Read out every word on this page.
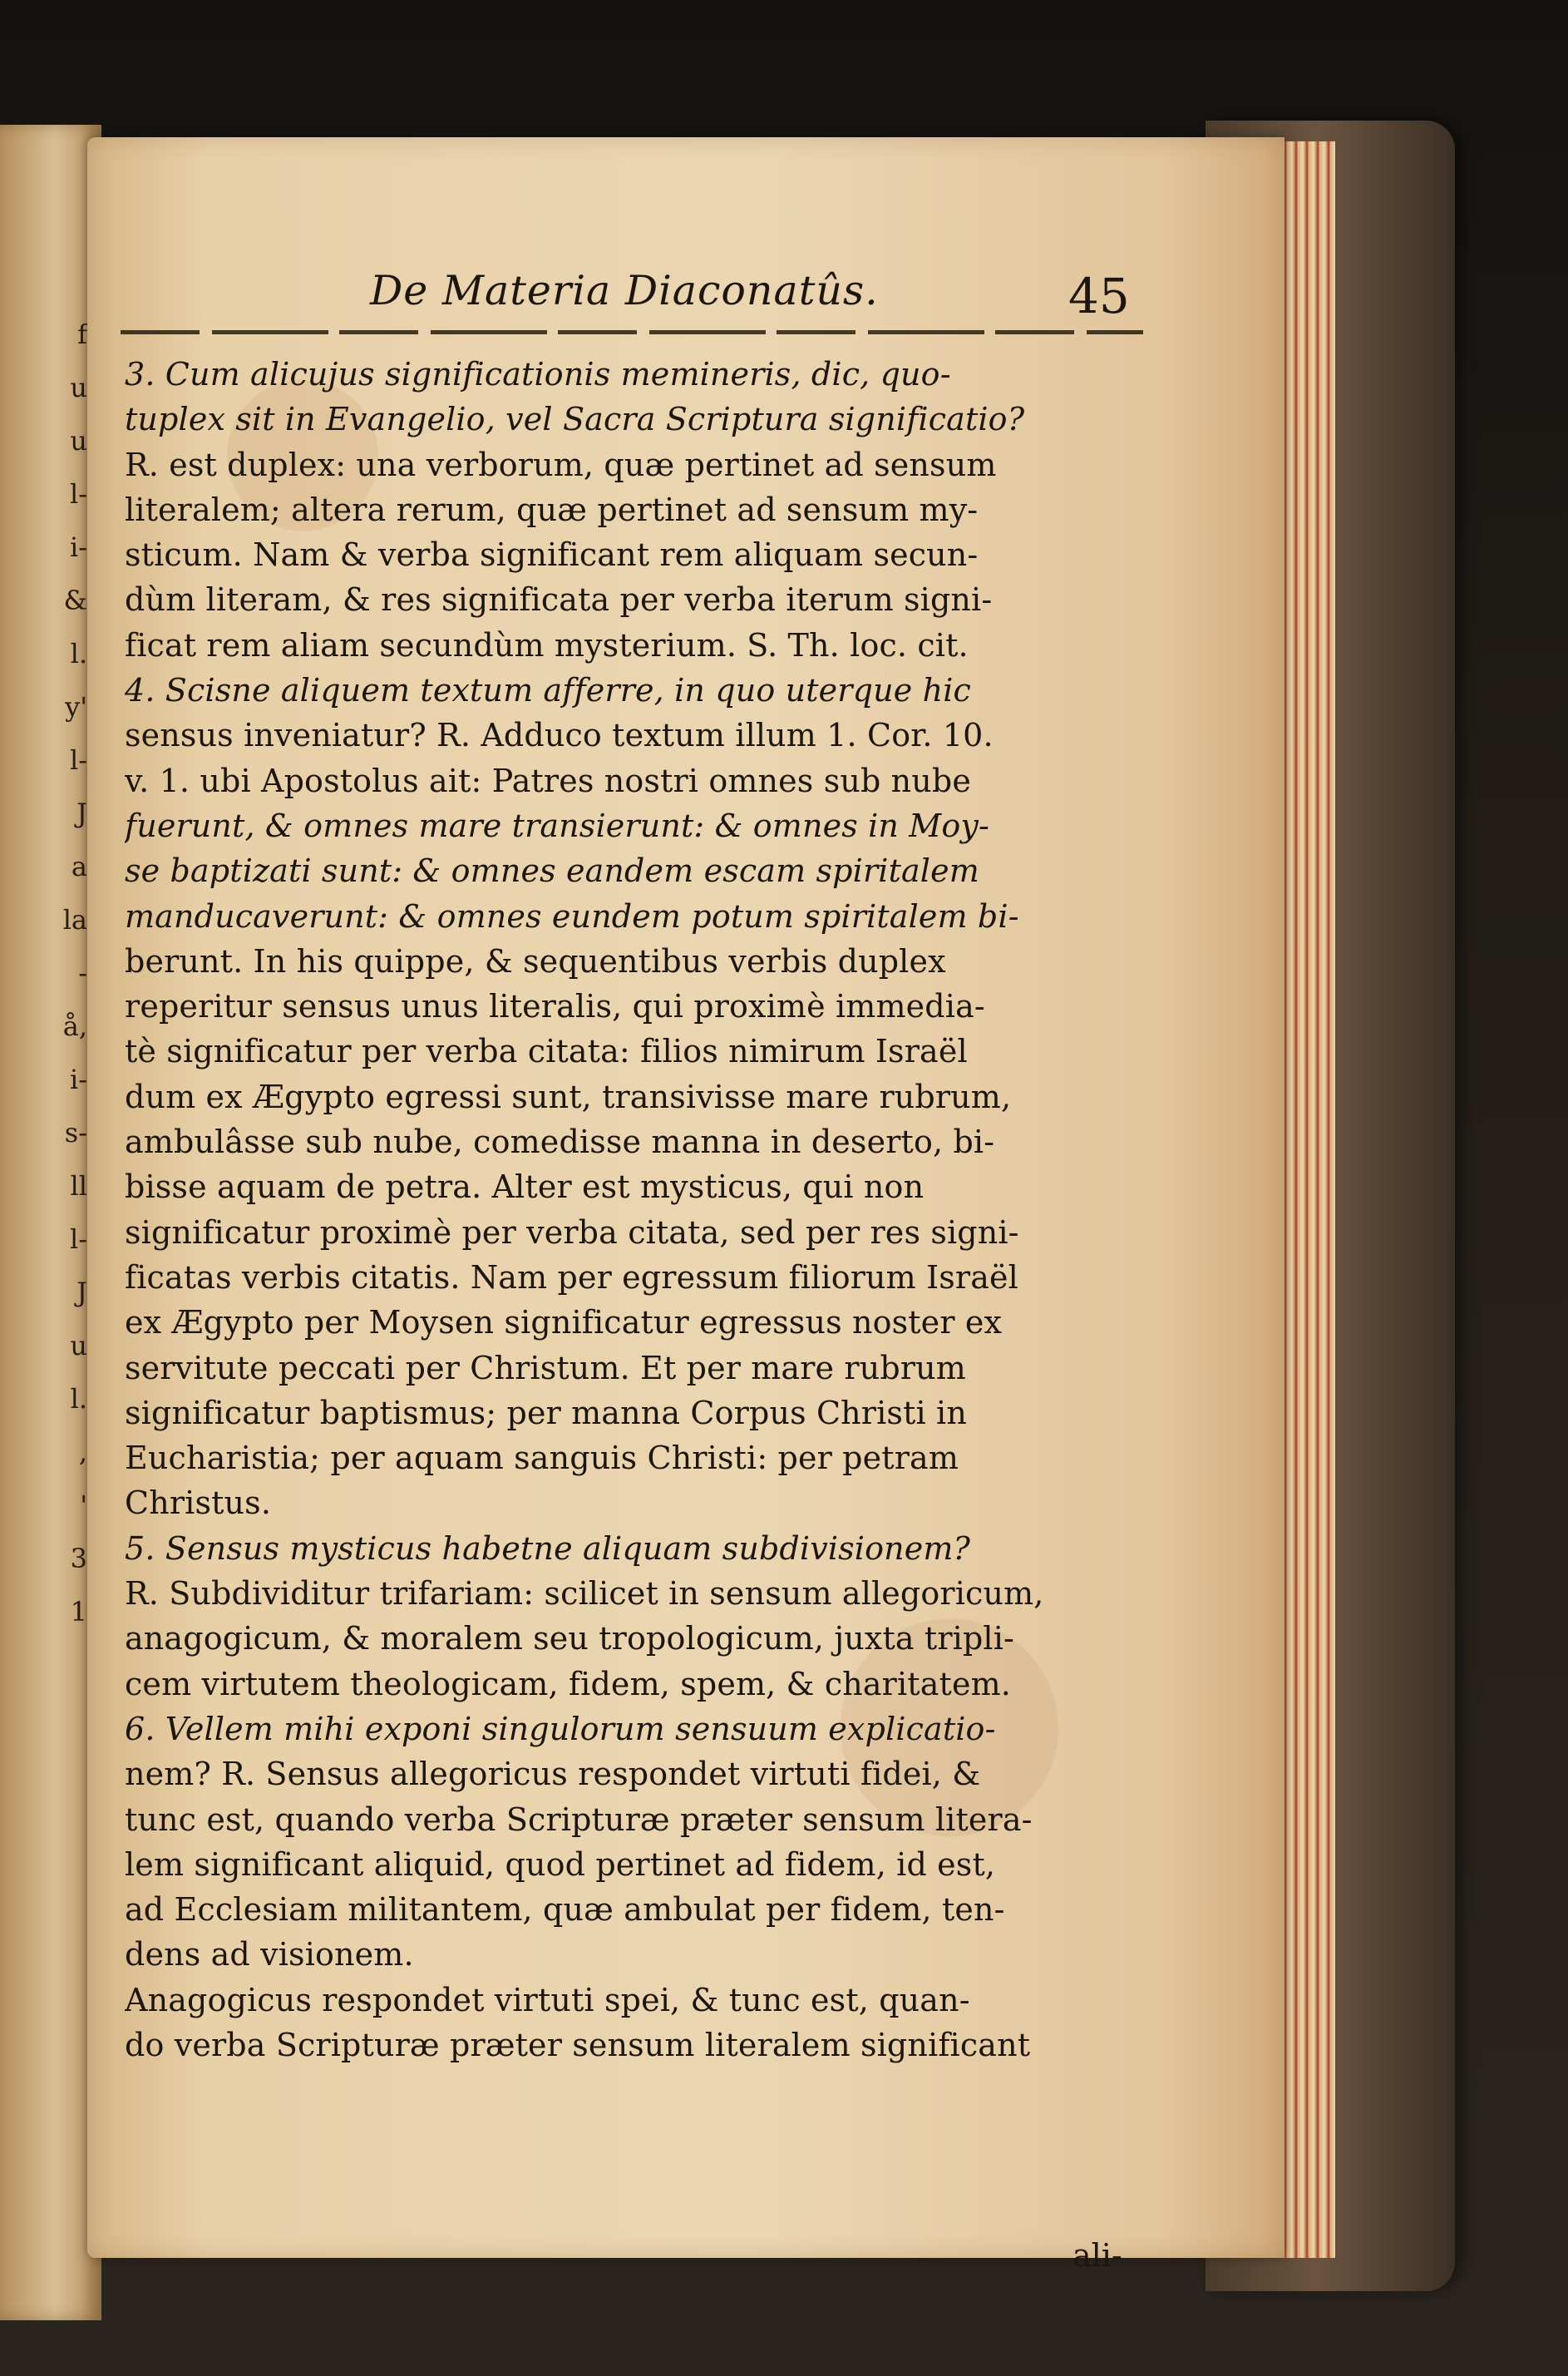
f
u
u
l-
i-
&
l.
y'
l-
J
a
la
-
å,
i-
s-
ll
l-
J
u
l.
,
'
3
1
De Materia Diaconatûs.	45
3. Cum alicujus significationis memineris, dic, quo-
tuplex sit in Evangelio, vel Sacra Scriptura significatio?
R. est duplex: una verborum, quæ pertinet ad sensum
literalem; altera rerum, quæ pertinet ad sensum my-
sticum. Nam & verba significant rem aliquam secun-
dùm literam, & res significata per verba iterum signi-
ficat rem aliam secundùm mysterium. S. Th. loc. cit.
4. Scisne aliquem textum afferre, in quo uterque hic
sensus inveniatur? R. Adduco textum illum 1. Cor. 10.
v. 1. ubi Apostolus ait: Patres nostri omnes sub nube
fuerunt, & omnes mare transierunt: & omnes in Moy-
se baptizati sunt: & omnes eandem escam spiritalem
manducaverunt: & omnes eundem potum spiritalem bi-
berunt. In his quippe, & sequentibus verbis duplex
reperitur sensus unus literalis, qui proximè immedia-
tè significatur per verba citata: filios nimirum Israël
dum ex Ægypto egressi sunt, transivisse mare rubrum,
ambulâsse sub nube, comedisse manna in deserto, bi-
bisse aquam de petra. Alter est mysticus, qui non
significatur proximè per verba citata, sed per res signi-
ficatas verbis citatis. Nam per egressum filiorum Israël
ex Ægypto per Moysen significatur egressus noster ex
servitute peccati per Christum. Et per mare rubrum
significatur baptismus; per manna Corpus Christi in
Eucharistia; per aquam sanguis Christi: per petram
Christus.
5. Sensus mysticus habetne aliquam subdivisionem?
R. Subdividitur trifariam: scilicet in sensum allegoricum,
anagogicum, & moralem seu tropologicum, juxta tripli-
cem virtutem theologicam, fidem, spem, & charitatem.
6. Vellem mihi exponi singulorum sensuum explicatio-
nem? R. Sensus allegoricus respondet virtuti fidei, &
tunc est, quando verba Scripturæ præter sensum litera-
lem significant aliquid, quod pertinet ad fidem, id est,
ad Ecclesiam militantem, quæ ambulat per fidem, ten-
dens ad visionem.
Anagogicus respondet virtuti spei, & tunc est, quan-
do verba Scripturæ præter sensum literalem significant
ali-
